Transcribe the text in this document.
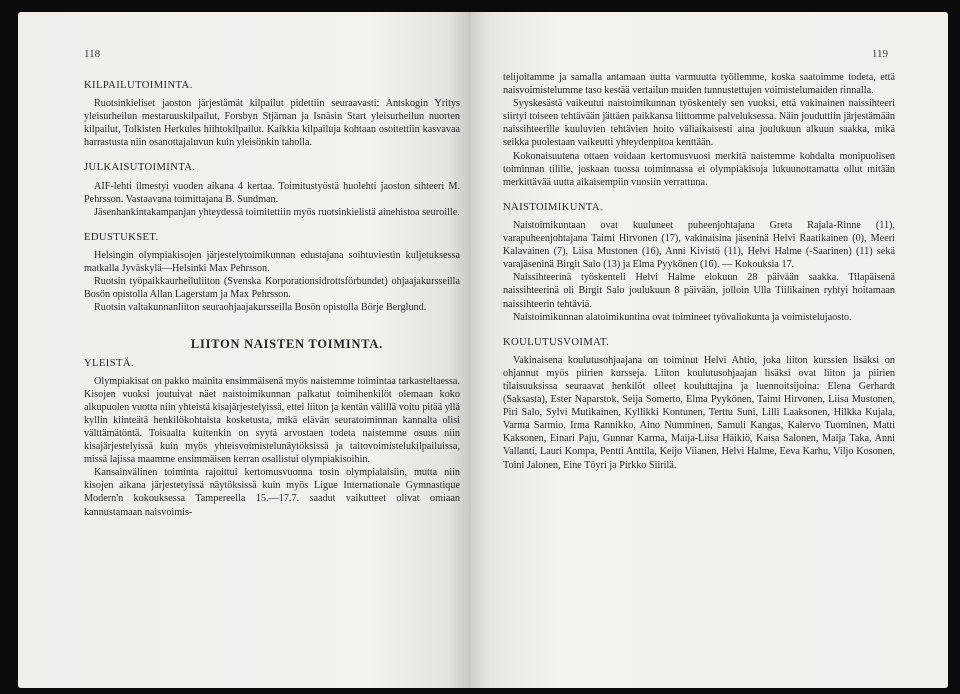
118
KILPAILUTOIMINTA.

Ruotsinkieliset jaoston järjestämät kilpailut pidettiin seuraavasti: Antskogin Yritys yleisurheilun mestaruuskilpailut, Forsbyn Stjärnan ja Isnäsin Start yleisurheilun nuorten kilpailut, Tolkisten Herkules hiihtokilpailut. Kaikkia kilpailuja kohtaan osoitettiin kasvavaa harrastusta niin osanottajaluvun kuin yleisönkin taholla.

JULKAISUTOIMINTA.

AIF-lehti ilmestyi vuoden aikana 4 kertaa. Toimitustyöstä huolehti jaoston sihteeri M. Pehrsson. Vastaavana toimittajana B. Sundman.

Jäsenhankintakampanjan yhteydessä toimitettiin myös ruotsinkielistä ainehistoa seuroille.

EDUSTUKSET.

Helsingin olympiakisojen järjestelytoimikunnan edustajana soihtuviestin kuljetuksessa matkalla Jyväskylä—Helsinki Max Pehrsson.

Ruotsin työpaikkaurheiluliiton (Svenska Korporationsidrottsförbundet) ohjaajakursseilla Bosön opistolla Allan Lagerstam ja Max Pehrsson.

Ruotsin valtakunnanliiton seuraohjaajakursseilla Bosön opistolla Börje Berglund.

LIITON NAISTEN TOIMINTA.
YLEISTÄ.

Olympiakisat on pakko mainita ensimmäisenä myös naistemme toimintaa tarkasteltaessa. Kisojen vuoksi joutuivat näet naistoimikunnan palkatut toimihenkilöt olemaan koko alkupuolen vuotta niin yhteistä kisajärjestelyissä, ettei liiton ja kentän välillä voitu pitää yllä kyllin kiinteätä henkilökohtaista kosketusta, mikä elävän seuratoiminnan kannalta olisi välttämätöntä. Toisaalta kuitenkin on syytä arvostaen todeta naistemme osuus niin kisajärjestelyissä kuin myös yhteisvoimistelunäytöksissä ja taitovoimistelukilpailuissa, missä lajissa maamme ensimmäisen kerran osallistui olympiakisoihin.

Kansainvälinen toiminta rajoittui kertomusvuonna tosin olympialaisiin, mutta niin kisojen aikana järjestetyissä näytöksissä kuin myös Ligue Internationale Gymnastique Modern'n kokouksessa Tampereella 15.—17.7. saadut vaikutteet olivat omiaan kannustamaan naisvoimis-

119

telijoitamme ja samalla antamaan uutta varmuutta työllemme, koska saatoimme todeta, että naisvoimistelumme taso kestää vertailun muiden tunnustettujen voimistelumaiden rinnalla.

Syyskesästä vaikeutui naistoimikunnan työskentely sen vuoksi, että vakinainen naissihteeri siirtyi toiseen tehtävään jättäen paikkansa liittomme palveluksessa. Näin jouduttiin järjestämään naissihteerille kuuluvien tehtävien hoito väliaikaisesti aina joulukuun alkuun saakka, mikä seikka puolestaan vaikeutti yhteydenpitoa kenttään.

Kokonaisuutena ottaen voidaan kertomusvuosi merkitä naistemme kohdalta monipuolisen toiminnan tililie, joskaan tuossa toiminnassa ei olympiakisoja lukuunottamatta ollut mitään merkittävää uutta aikaisempiin vuosiin verrattuna.

NAISTOIMIKUNTA.

Naistoimikuntaan ovat kuuluneet puheenjohtajana Greta Rajala-Rinne (11), varapuheenjohtajana Taimi Hirvonen (17), vakinaisina jäseninä Helvi Raatikainen (0), Meeri Kalavainen (7), Liisa Mustonen (16), Anni Kivistö (11), Helvi Halme (-Saarinen) (11) sekä varajäseninä Birgit Salo (13) ja Elma Pyykönen (16). — Kokouksia 17.

Naissihteerinä työskenteli Helvi Halme elokuun 28 päivään saakka. Tilapäisenä naissihteerinä oli Birgit Salo joulukuun 8 päivään, jolloin Ulla Tiilikainen ryhtyi hoitamaan naissihteerin tehtäviä.

Naistoimikunnan alatoimikuntina ovat toimineet työvaliokunta ja voimistelujaosto.

KOULUTUSVOIMAT.

Vakinaisena koulutusohjaajana on toiminut Helvi Ahtio, joka liiton kurssien lisäksi on ohjannut myös piirien kursseja. Liiton koulutusohjaajan lisäksi ovat liiton ja piirien tilaisuuksissa seuraavat henkilöt olleet kouluttajina ja luennoitsijoina: Elena Gerhardt (Saksasta), Ester Naparstok, Seija Somerto, Elma Pyykönen, Taimi Hirvonen, Liisa Mustonen, Piri Salo, Sylvi Mutikainen, Kyllikki Kontunen, Terttu Suni, Lilli Laaksonen, Hilkka Kujala, Varma Sarmio, Irma Rannikko, Aino Numminen, Samuli Kangas, Kalervo Tuominen, Matti Kaksonen, Einari Paju, Gunnar Karma, Maija-Liisa Häikiö, Kaisa Salonen, Maija Taka, Anni Vallanti, Lauri Kompa, Pentti Anttila, Keijo Viianen, Helvi Halme, Eeva Karhu, Viljo Kosonen, Toini Jalonen, Eine Töyri ja Pirkko Siirilä.
